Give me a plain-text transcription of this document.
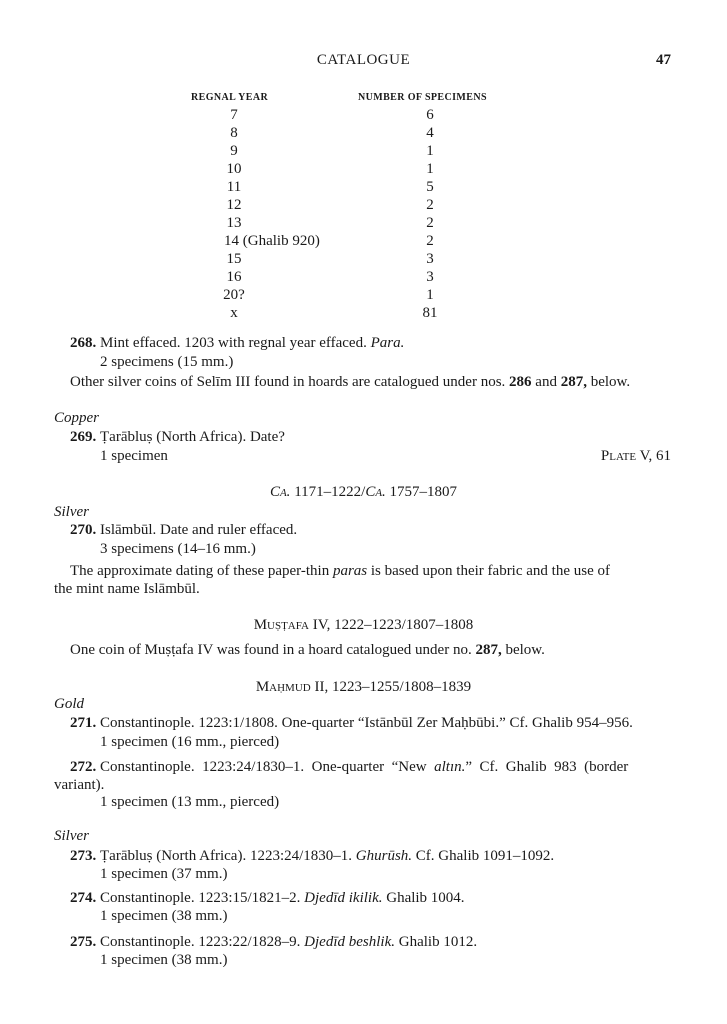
CATALOGUE	47
REGNAL YEAR	NUMBER OF SPECIMENS
7	6
8	4
9	1
10	1
11	5
12	2
13	2
14 (Ghalib 920)	2
15	3
16	3
20?	1
x	81
268. Mint effaced. 1203 with regnal year effaced. Para.
2 specimens (15 mm.)
Other silver coins of Selīm III found in hoards are catalogued under nos. 286 and 287, below.
Copper
269. Ṭarābluṣ (North Africa). Date?
1 specimen	Plate V, 61
Ca. 1171–1222/Ca. 1757–1807
Silver
270. Islāmbūl. Date and ruler effaced.
3 specimens (14–16 mm.)
The approximate dating of these paper-thin paras is based upon their fabric and the use of
the mint name Islāmbūl.
Muṣṭafa IV, 1222–1223/1807–1808
One coin of Muṣṭafa IV was found in a hoard catalogued under no. 287, below.
Maḥmud II, 1223–1255/1808–1839
Gold
271. Constantinople. 1223:1/1808. One-quarter “Istānbūl Zer Maḥbūbi.” Cf. Ghalib 954–956.
1 specimen (16 mm., pierced)
272. Constantinople.  1223:24/1830–1.  One-quarter  “New  altın.”  Cf.  Ghalib  983  (border
variant).
1 specimen (13 mm., pierced)
Silver
273. Ṭarābluṣ (North Africa). 1223:24/1830–1. Ghurūsh. Cf. Ghalib 1091–1092.
1 specimen (37 mm.)
274. Constantinople. 1223:15/1821–2. Djedīd ikilik. Ghalib 1004.
1 specimen (38 mm.)
275. Constantinople. 1223:22/1828–9. Djedīd beshlik. Ghalib 1012.
1 specimen (38 mm.)
